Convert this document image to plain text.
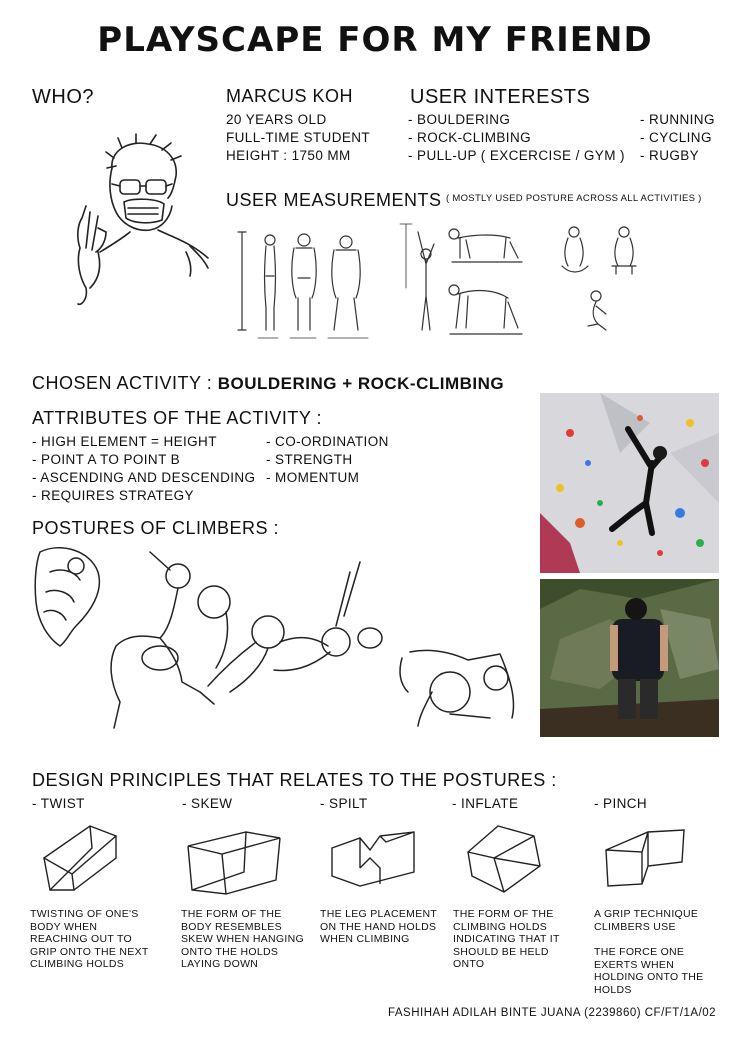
PLAYSCAPE FOR MY FRIEND
WHO?	MARCUS KOH
20 YEARS OLD
FULL-TIME STUDENT
HEIGHT : 1750 MM
USER INTERESTS
- BOULDERING
- ROCK-CLIMBING
- PULL-UP ( EXCERCISE / GYM )
- RUNNING
- CYCLING
- RUGBY
USER MEASUREMENTS ( MOSTLY USED POSTURE ACROSS ALL ACTIVITIES )
CHOSEN ACTIVITY : BOULDERING + ROCK-CLIMBING
ATTRIBUTES OF THE ACTIVITY :
- HIGH ELEMENT = HEIGHT
- POINT A TO POINT B
- ASCENDING AND DESCENDING
- REQUIRES STRATEGY
- CO-ORDINATION
- STRENGTH
- MOMENTUM
POSTURES OF CLIMBERS :
DESIGN PRINCIPLES THAT RELATES TO THE POSTURES :
- TWIST
TWISTING OF ONE'S BODY WHEN REACHING OUT TO GRIP ONTO THE NEXT CLIMBING HOLDS
- SKEW
THE FORM OF THE BODY RESEMBLES SKEW WHEN HANGING ONTO THE HOLDS LAYING DOWN
- SPILT
THE LEG PLACEMENT ON THE HAND HOLDS WHEN CLIMBING
- INFLATE
THE FORM OF THE CLIMBING HOLDS INDICATING THAT IT SHOULD BE HELD ONTO
- PINCH
A GRIP TECHNIQUE CLIMBERS USE
THE FORCE ONE EXERTS WHEN HOLDING ONTO THE HOLDS
FASHIHAH ADILAH BINTE JUANA (2239860) CF/FT/1A/02
